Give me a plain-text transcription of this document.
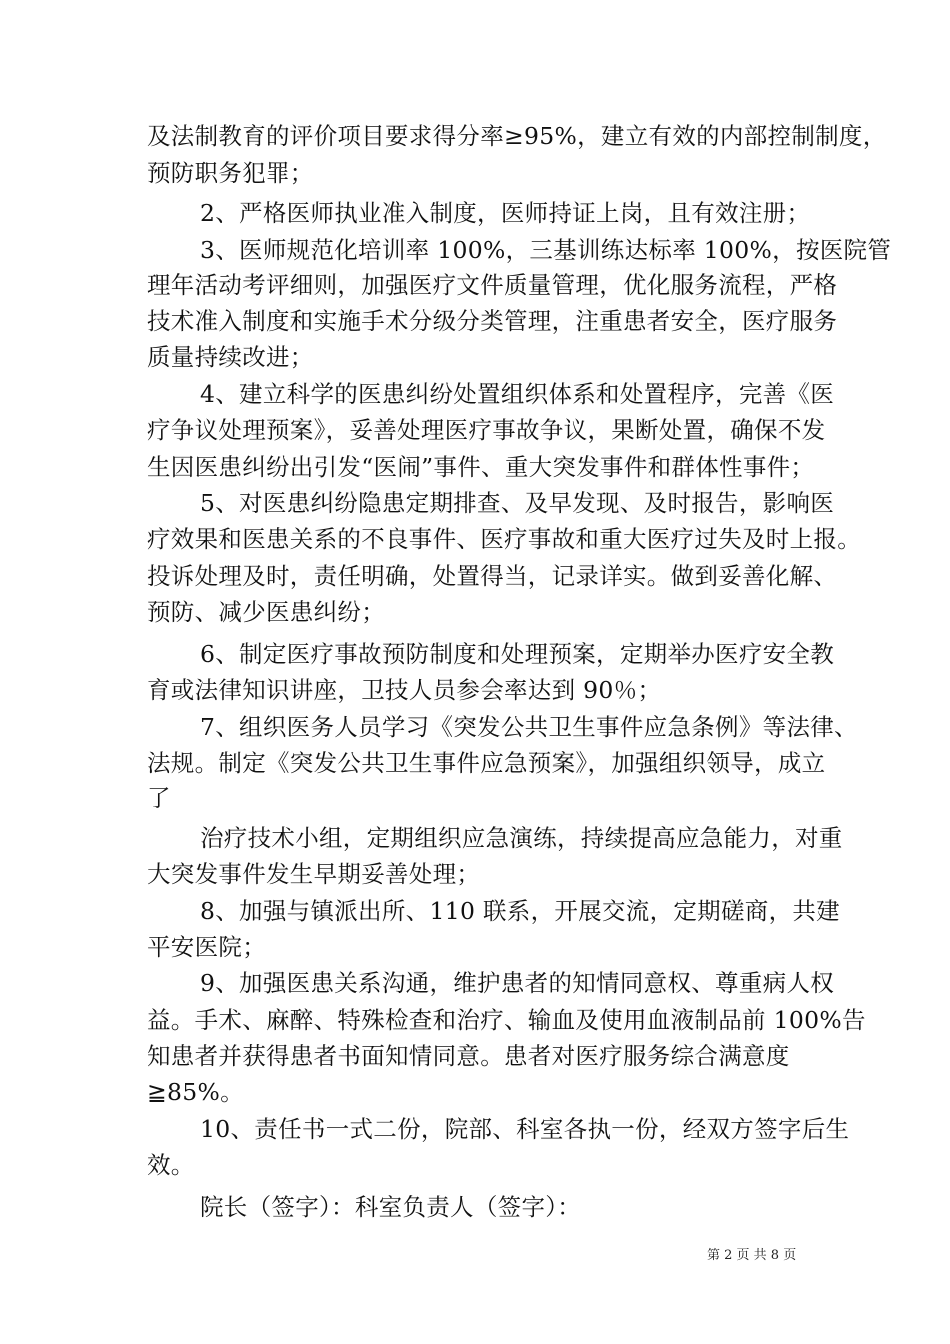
及法制教育的评价项目要求得分率≥95%，建立有效的内部控制制度，
预防职务犯罪；
2、严格医师执业准入制度，医师持证上岗，且有效注册；
3、医师规范化培训率 100%，三基训练达标率 100%，按医院管
理年活动考评细则，加强医疗文件质量管理，优化服务流程，严格
技术准入制度和实施手术分级分类管理，注重患者安全，医疗服务
质量持续改进；
4、建立科学的医患纠纷处置组织体系和处置程序，完善《医
疗争议处理预案》，妥善处理医疗事故争议，果断处置，确保不发
生因医患纠纷出引发“医闹”事件、重大突发事件和群体性事件；
5、对医患纠纷隐患定期排查、及早发现、及时报告，影响医
疗效果和医患关系的不良事件、医疗事故和重大医疗过失及时上报。
投诉处理及时，责任明确，处置得当，记录详实。做到妥善化解、
预防、减少医患纠纷；
6、制定医疗事故预防制度和处理预案，定期举办医疗安全教
育或法律知识讲座，卫技人员参会率达到 90％；
7、组织医务人员学习《突发公共卫生事件应急条例》等法律、
法规。制定《突发公共卫生事件应急预案》，加强组织领导，成立
了
治疗技术小组，定期组织应急演练，持续提高应急能力，对重
大突发事件发生早期妥善处理；
8、加强与镇派出所、110 联系，开展交流，定期磋商，共建
平安医院；
9、加强医患关系沟通，维护患者的知情同意权、尊重病人权
益。手术、麻醉、特殊检查和治疗、输血及使用血液制品前 100%告
知患者并获得患者书面知情同意。患者对医疗服务综合满意度
≧85%。
10、责任书一式二份，院部、科室各执一份，经双方签字后生
效。
院长（签字）：科室负责人（签字）：
第 2 页 共 8 页
